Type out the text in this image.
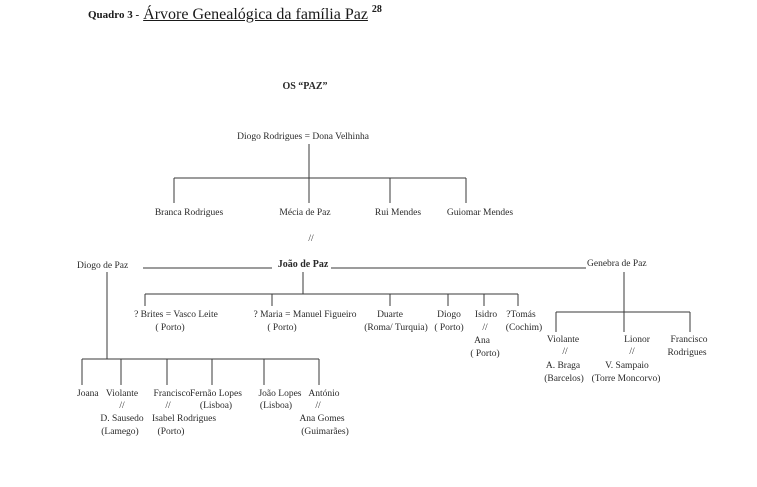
Quadro 3 - Árvore Genealógica da família Paz $^{28}$
OS “PAZ”
Diogo Rodrigues = Dona Velhinha
Branca Rodrigues	Mécia de Paz	Rui Mendes	Guiomar Mendes
//
Diogo de Paz	João de Paz	Genebra de Paz
? Brites = Vasco Leite
( Porto)
? Maria = Manuel Figueiro
( Porto)
Duarte
(Roma/ Turquia)
Diogo
( Porto)
Isidro
//
Ana
( Porto)
?Tomás
(Cochim)
Violante
//
A. Braga
(Barcelos)
Lionor
//
V. Sampaio
(Torre Moncorvo)
Francisco
Rodrigues
Joana Violante
//
D. Sausedo
(Lamego)
Francisco
//
Isabel Rodrigues
(Porto)
Fernão Lopes
(Lisboa)
João Lopes
(Lisboa)
António
//
Ana Gomes
(Guimarães)
